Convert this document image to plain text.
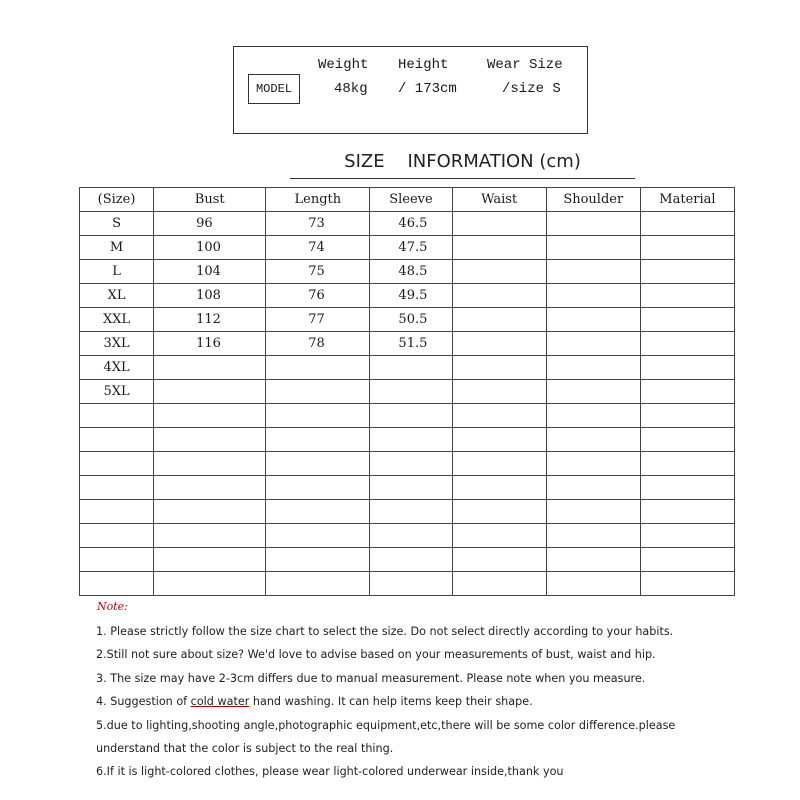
MODEL
Weight Height	Wear Size
48kg / 173cm	/size S
SIZE    INFORMATION (cm)
(Size)	Bust	Length	Sleeve	Waist	Shoulder	Material
S	96	73	46.5			
M	100	74	47.5			
L	104	75	48.5			
XL	108	76	49.5			
XXL	112	77	50.5			
3XL	116	78	51.5			
4XL						
5XL						

Note:
1. Please strictly follow the size chart to select the size. Do not select directly according to your habits.
2.Still not sure about size? We'd love to advise based on your measurements of bust, waist and hip.
3. The size may have 2-3cm differs due to manual measurement. Please note when you measure.
4. Suggestion of cold water hand washing. It can help items keep their shape.
5.due to lighting,shooting angle,photographic equipment,etc,there will be some color difference.please
understand that the color is subject to the real thing.
6.If it is light-colored clothes, please wear light-colored underwear inside,thank you
